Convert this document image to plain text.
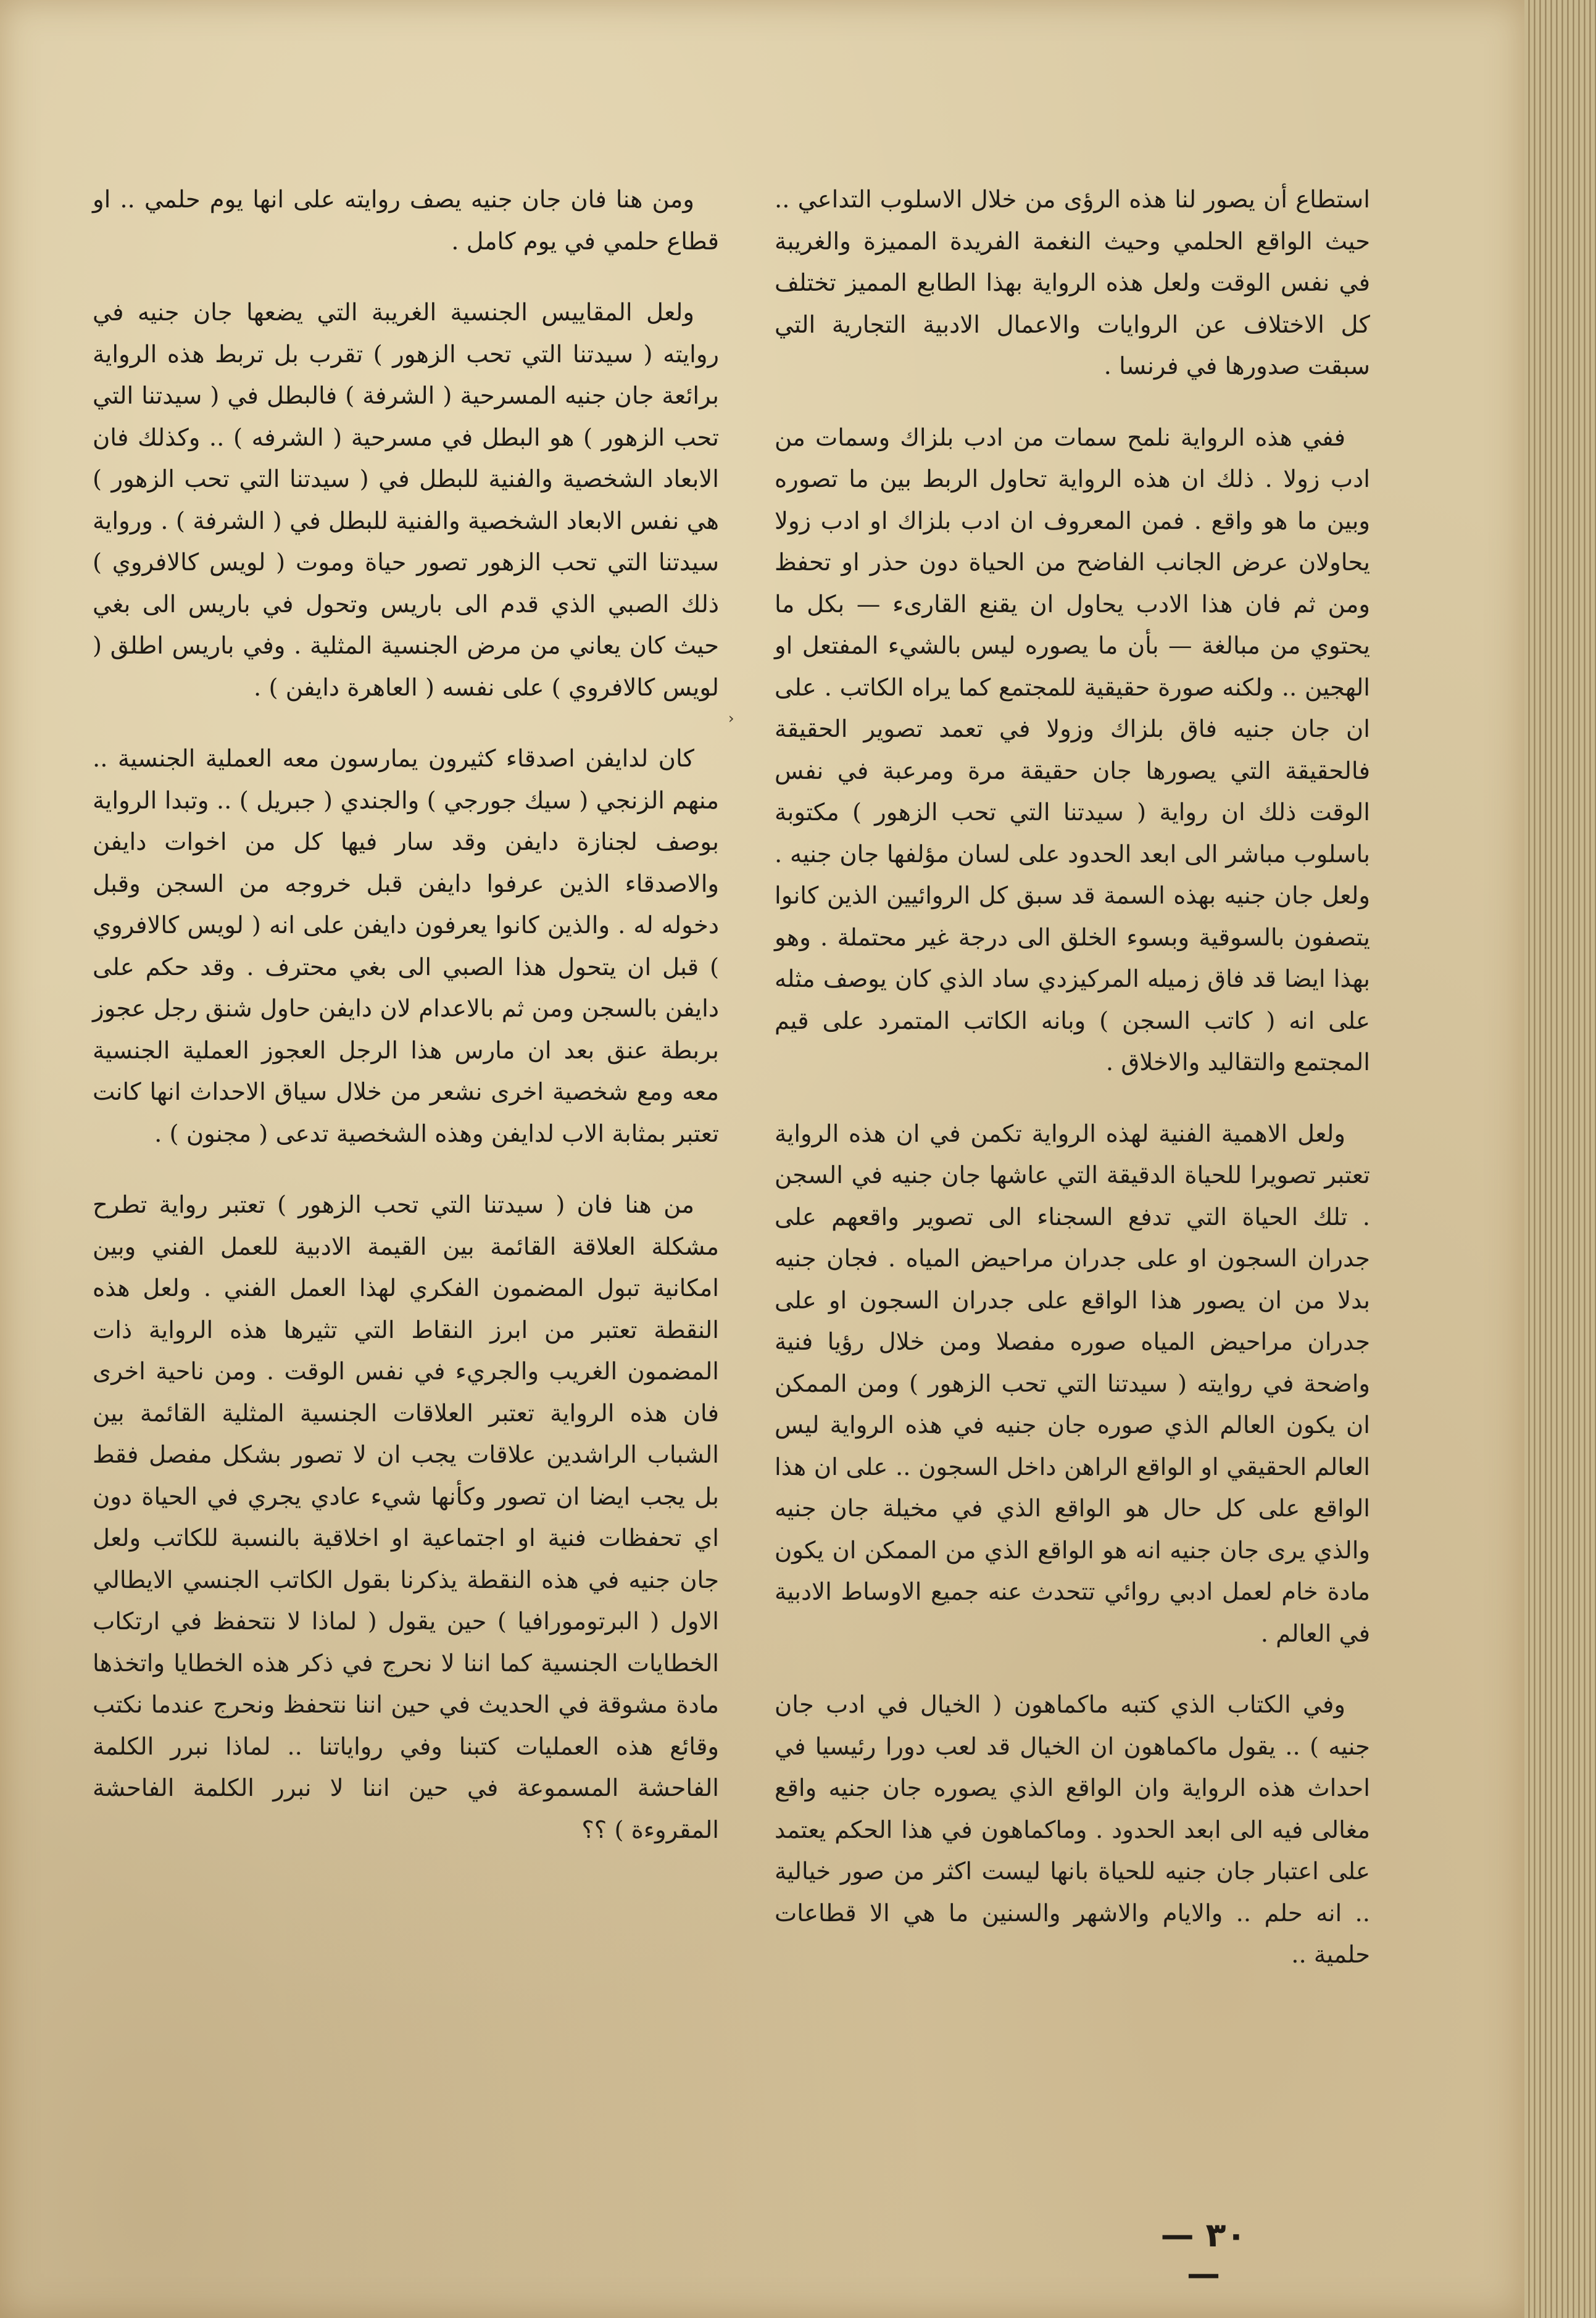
استطاع أن يصور لنا هذه الرؤى من خلال الاسلوب التداعي .. حيث الواقع الحلمي وحيث النغمة الفريدة المميزة والغريبة في نفس الوقت ولعل هذه الرواية بهذا الطابع المميز تختلف كل الاختلاف عن الروايات والاعمال الادبية التجارية التي سبقت صدورها في فرنسا .

ففي هذه الرواية نلمح سمات من ادب بلزاك وسمات من ادب زولا . ذلك ان هذه الرواية تحاول الربط بين ما تصوره وبين ما هو واقع . فمن المعروف ان ادب بلزاك او ادب زولا يحاولان عرض الجانب الفاضح من الحياة دون حذر او تحفظ ومن ثم فان هذا الادب يحاول ان يقنع القارىء — بكل ما يحتوي من مبالغة — بأن ما يصوره ليس بالشيء المفتعل او الهجين .. ولكنه صورة حقيقية للمجتمع كما يراه الكاتب . على ان جان جنيه فاق بلزاك وزولا في تعمد تصوير الحقيقة فالحقيقة التي يصورها جان حقيقة مرة ومرعبة في نفس الوقت ذلك ان رواية ( سيدتنا التي تحب الزهور ) مكتوبة باسلوب مباشر الى ابعد الحدود على لسان مؤلفها جان جنيه . ولعل جان جنيه بهذه السمة قد سبق كل الروائيين الذين كانوا يتصفون بالسوقية وبسوء الخلق الى درجة غير محتملة . وهو بهذا ايضا قد فاق زميله المركيزدي ساد الذي كان يوصف مثله على انه ( كاتب السجن ) وبانه الكاتب المتمرد على قيم المجتمع والتقاليد والاخلاق .

ولعل الاهمية الفنية لهذه الرواية تكمن في ان هذه الرواية تعتبر تصويرا للحياة الدقيقة التي عاشها جان جنيه في السجن . تلك الحياة التي تدفع السجناء الى تصوير واقعهم على جدران السجون او على جدران مراحيض المياه . فجان جنيه بدلا من ان يصور هذا الواقع على جدران السجون او على جدران مراحيض المياه صوره مفصلا ومن خلال رؤيا فنية واضحة في روايته ( سيدتنا التي تحب الزهور ) ومن الممكن ان يكون العالم الذي صوره جان جنيه في هذه الرواية ليس العالم الحقيقي او الواقع الراهن داخل السجون .. على ان هذا الواقع على كل حال هو الواقع الذي في مخيلة جان جنيه والذي يرى جان جنيه انه هو الواقع الذي من الممكن ان يكون مادة خام لعمل ادبي روائي تتحدث عنه جميع الاوساط الادبية في العالم .

وفي الكتاب الذي كتبه ماكماهون ( الخيال في ادب جان جنيه ) .. يقول ماكماهون ان الخيال قد لعب دورا رئيسيا في احداث هذه الرواية وان الواقع الذي يصوره جان جنيه واقع مغالى فيه الى ابعد الحدود . وماكماهون في هذا الحكم يعتمد على اعتبار جان جنيه للحياة بانها ليست اكثر من صور خيالية .. انه حلم .. والايام والاشهر والسنين ما هي الا قطاعات حلمية ..

ومن هنا فان جان جنيه يصف روايته على انها يوم حلمي .. او قطاع حلمي في يوم كامل .

ولعل المقاييس الجنسية الغريبة التي يضعها جان جنيه في روايته ( سيدتنا التي تحب الزهور ) تقرب بل تربط هذه الرواية برائعة جان جنيه المسرحية ( الشرفة ) فالبطل في ( سيدتنا التي تحب الزهور ) هو البطل في مسرحية ( الشرفه ) .. وكذلك فان الابعاد الشخصية والفنية للبطل في ( سيدتنا التي تحب الزهور ) هي نفس الابعاد الشخصية والفنية للبطل في ( الشرفة ) . ورواية سيدتنا التي تحب الزهور تصور حياة وموت ( لويس كالافروي ) ذلك الصبي الذي قدم الى باريس وتحول في باريس الى بغي حيث كان يعاني من مرض الجنسية المثلية . وفي باريس اطلق ( لويس كالافروي ) على نفسه ( العاهرة دايفن ) .

كان لدايفن اصدقاء كثيرون يمارسون معه العملية الجنسية .. منهم الزنجي ( سيك جورجي ) والجندي ( جبريل ) .. وتبدا الرواية بوصف لجنازة دايفن وقد سار فيها كل من اخوات دايفن والاصدقاء الذين عرفوا دايفن قبل خروجه من السجن وقبل دخوله له . والذين كانوا يعرفون دايفن على انه ( لويس كالافروي ) قبل ان يتحول هذا الصبي الى بغي محترف . وقد حكم على دايفن بالسجن ومن ثم بالاعدام لان دايفن حاول شنق رجل عجوز بربطة عنق بعد ان مارس هذا الرجل العجوز العملية الجنسية معه ومع شخصية اخرى نشعر من خلال سياق الاحداث انها كانت تعتبر بمثابة الاب لدايفن وهذه الشخصية تدعى ( مجنون ) .

من هنا فان ( سيدتنا التي تحب الزهور ) تعتبر رواية تطرح مشكلة العلاقة القائمة بين القيمة الادبية للعمل الفني وبين امكانية تبول المضمون الفكري لهذا العمل الفني . ولعل هذه النقطة تعتبر من ابرز النقاط التي تثيرها هذه الرواية ذات المضمون الغريب والجريء في نفس الوقت . ومن ناحية اخرى فان هذه الرواية تعتبر العلاقات الجنسية المثلية القائمة بين الشباب الراشدين علاقات يجب ان لا تصور بشكل مفصل فقط بل يجب ايضا ان تصور وكأنها شيء عادي يجري في الحياة دون اي تحفظات فنية او اجتماعية او اخلاقية بالنسبة للكاتب ولعل جان جنيه في هذه النقطة يذكرنا بقول الكاتب الجنسي الايطالي الاول ( البرتومورافيا ) حين يقول ( لماذا لا نتحفظ في ارتكاب الخطايات الجنسية كما اننا لا نحرج في ذكر هذه الخطايا واتخذها مادة مشوقة في الحديث في حين اننا نتحفظ ونحرج عندما نكتب وقائع هذه العمليات كتبنا وفي رواياتنا .. لماذا نبرر الكلمة الفاحشة المسموعة في حين اننا لا نبرر الكلمة الفاحشة المقروءة ) ؟؟

‹
— ٣٠ —
